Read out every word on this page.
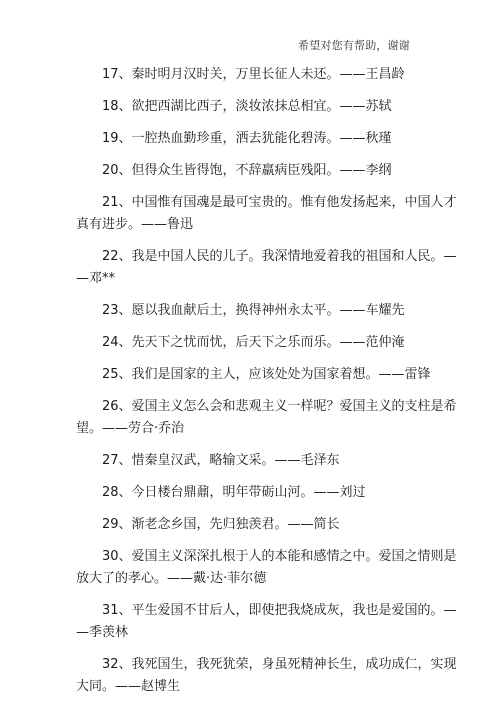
希望对您有帮助，谢谢
17、秦时明月汉时关，万里长征人未还。——王昌龄
18、欲把西湖比西子，淡妆浓抹总相宜。——苏轼
19、一腔热血勤珍重，洒去犹能化碧涛。——秋瑾
20、但得众生皆得饱，不辞羸病臣残阳。——李纲
21、中国惟有国魂是最可宝贵的。惟有他发扬起来，中国人才
真有进步。——鲁迅
22、我是中国人民的儿子。我深情地爱着我的祖国和人民。—
—邓**
23、愿以我血献后土，换得神州永太平。——车耀先
24、先天下之忧而忧，后天下之乐而乐。——范仲淹
25、我们是国家的主人，应该处处为国家着想。——雷锋
26、爱国主义怎么会和悲观主义一样呢？爱国主义的支柱是希
望。——劳合·乔治
27、惜秦皇汉武，略输文采。——毛泽东
28、今日楼台鼎鼐，明年带砺山河。——刘过
29、渐老念乡国，先归独羡君。——简长
30、爱国主义深深扎根于人的本能和感情之中。爱国之情则是
放大了的孝心。——戴·达·菲尔德
31、平生爱国不甘后人，即使把我烧成灰，我也是爱国的。—
—季羡林
32、我死国生，我死犹荣，身虽死精神长生，成功成仁，实现
大同。——赵博生
